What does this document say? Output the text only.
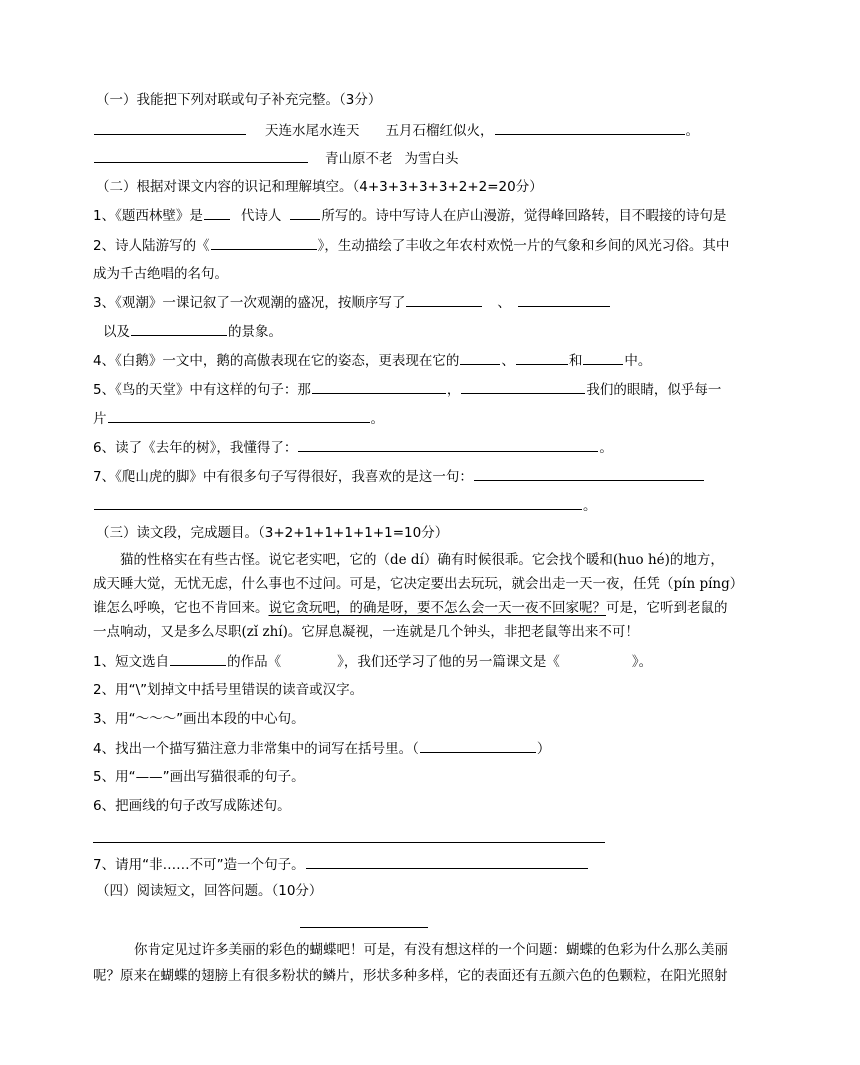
（一）我能把下列对联或句子补充完整。（3分）
天连水尾水连天 五月石榴红似火，	。
青山原不老 为雪白头
（二）根据对课文内容的识记和理解填空。（4+3+3+3+3+2+2=20分）
1、《题西林壁》是	代诗人	所写的。诗中写诗人在庐山漫游，觉得峰回路转，目不暇接的诗句是
2、诗人陆游写的《	》，生动描绘了丰收之年农村欢悦一片的气象和乡间的风光习俗。其中
成为千古绝唱的名句。
3、《观潮》一课记叙了一次观潮的盛况，按顺序写了	、
以及	的景象。
4、《白鹅》一文中，鹅的高傲表现在它的姿态，更表现在它的	、	和	中。
5、《鸟的天堂》中有这样的句子：那	，	我们的眼睛，似乎每一
片	。
6、读了《去年的树》，我懂得了：	。
7、《爬山虎的脚》中有很多句子写得很好，我喜欢的是这一句：
。
（三）读文段，完成题目。（3+2+1+1+1+1+1=10分）
猫的性格实在有些古怪。说它老实吧，它的（de dí）确有时候很乖。它会找个暖和(huo hé)的地方，
成天睡大觉，无忧无虑，什么事也不过问。可是，它决定要出去玩玩，就会出走一天一夜，任凭（pín píng）
谁怎么呼唤，它也不肯回来。说它贪玩吧，的确是呀，要不怎么会一天一夜不回家呢？可是，它听到老鼠的
一点响动，又是多么尽职(zǐ zhí)。它屏息凝视，一连就是几个钟头，非把老鼠等出来不可！
1、短文选自	的作品《	》，我们还学习了他的另一篇课文是《	》。
2、用“\”划掉文中括号里错误的读音或汉字。
3、用“～～～”画出本段的中心句。
4、找出一个描写猫注意力非常集中的词写在括号里。（	）
5、用“——”画出写猫很乖的句子。
6、把画线的句子改写成陈述句。
7、请用“非……不可”造一个句子。
（四）阅读短文，回答问题。（10分）
你肯定见过许多美丽的彩色的蝴蝶吧！可是，有没有想这样的一个问题：蝴蝶的色彩为什么那么美丽
呢？原来在蝴蝶的翅膀上有很多粉状的鳞片，形状多种多样，它的表面还有五颜六色的色颗粒，在阳光照射
